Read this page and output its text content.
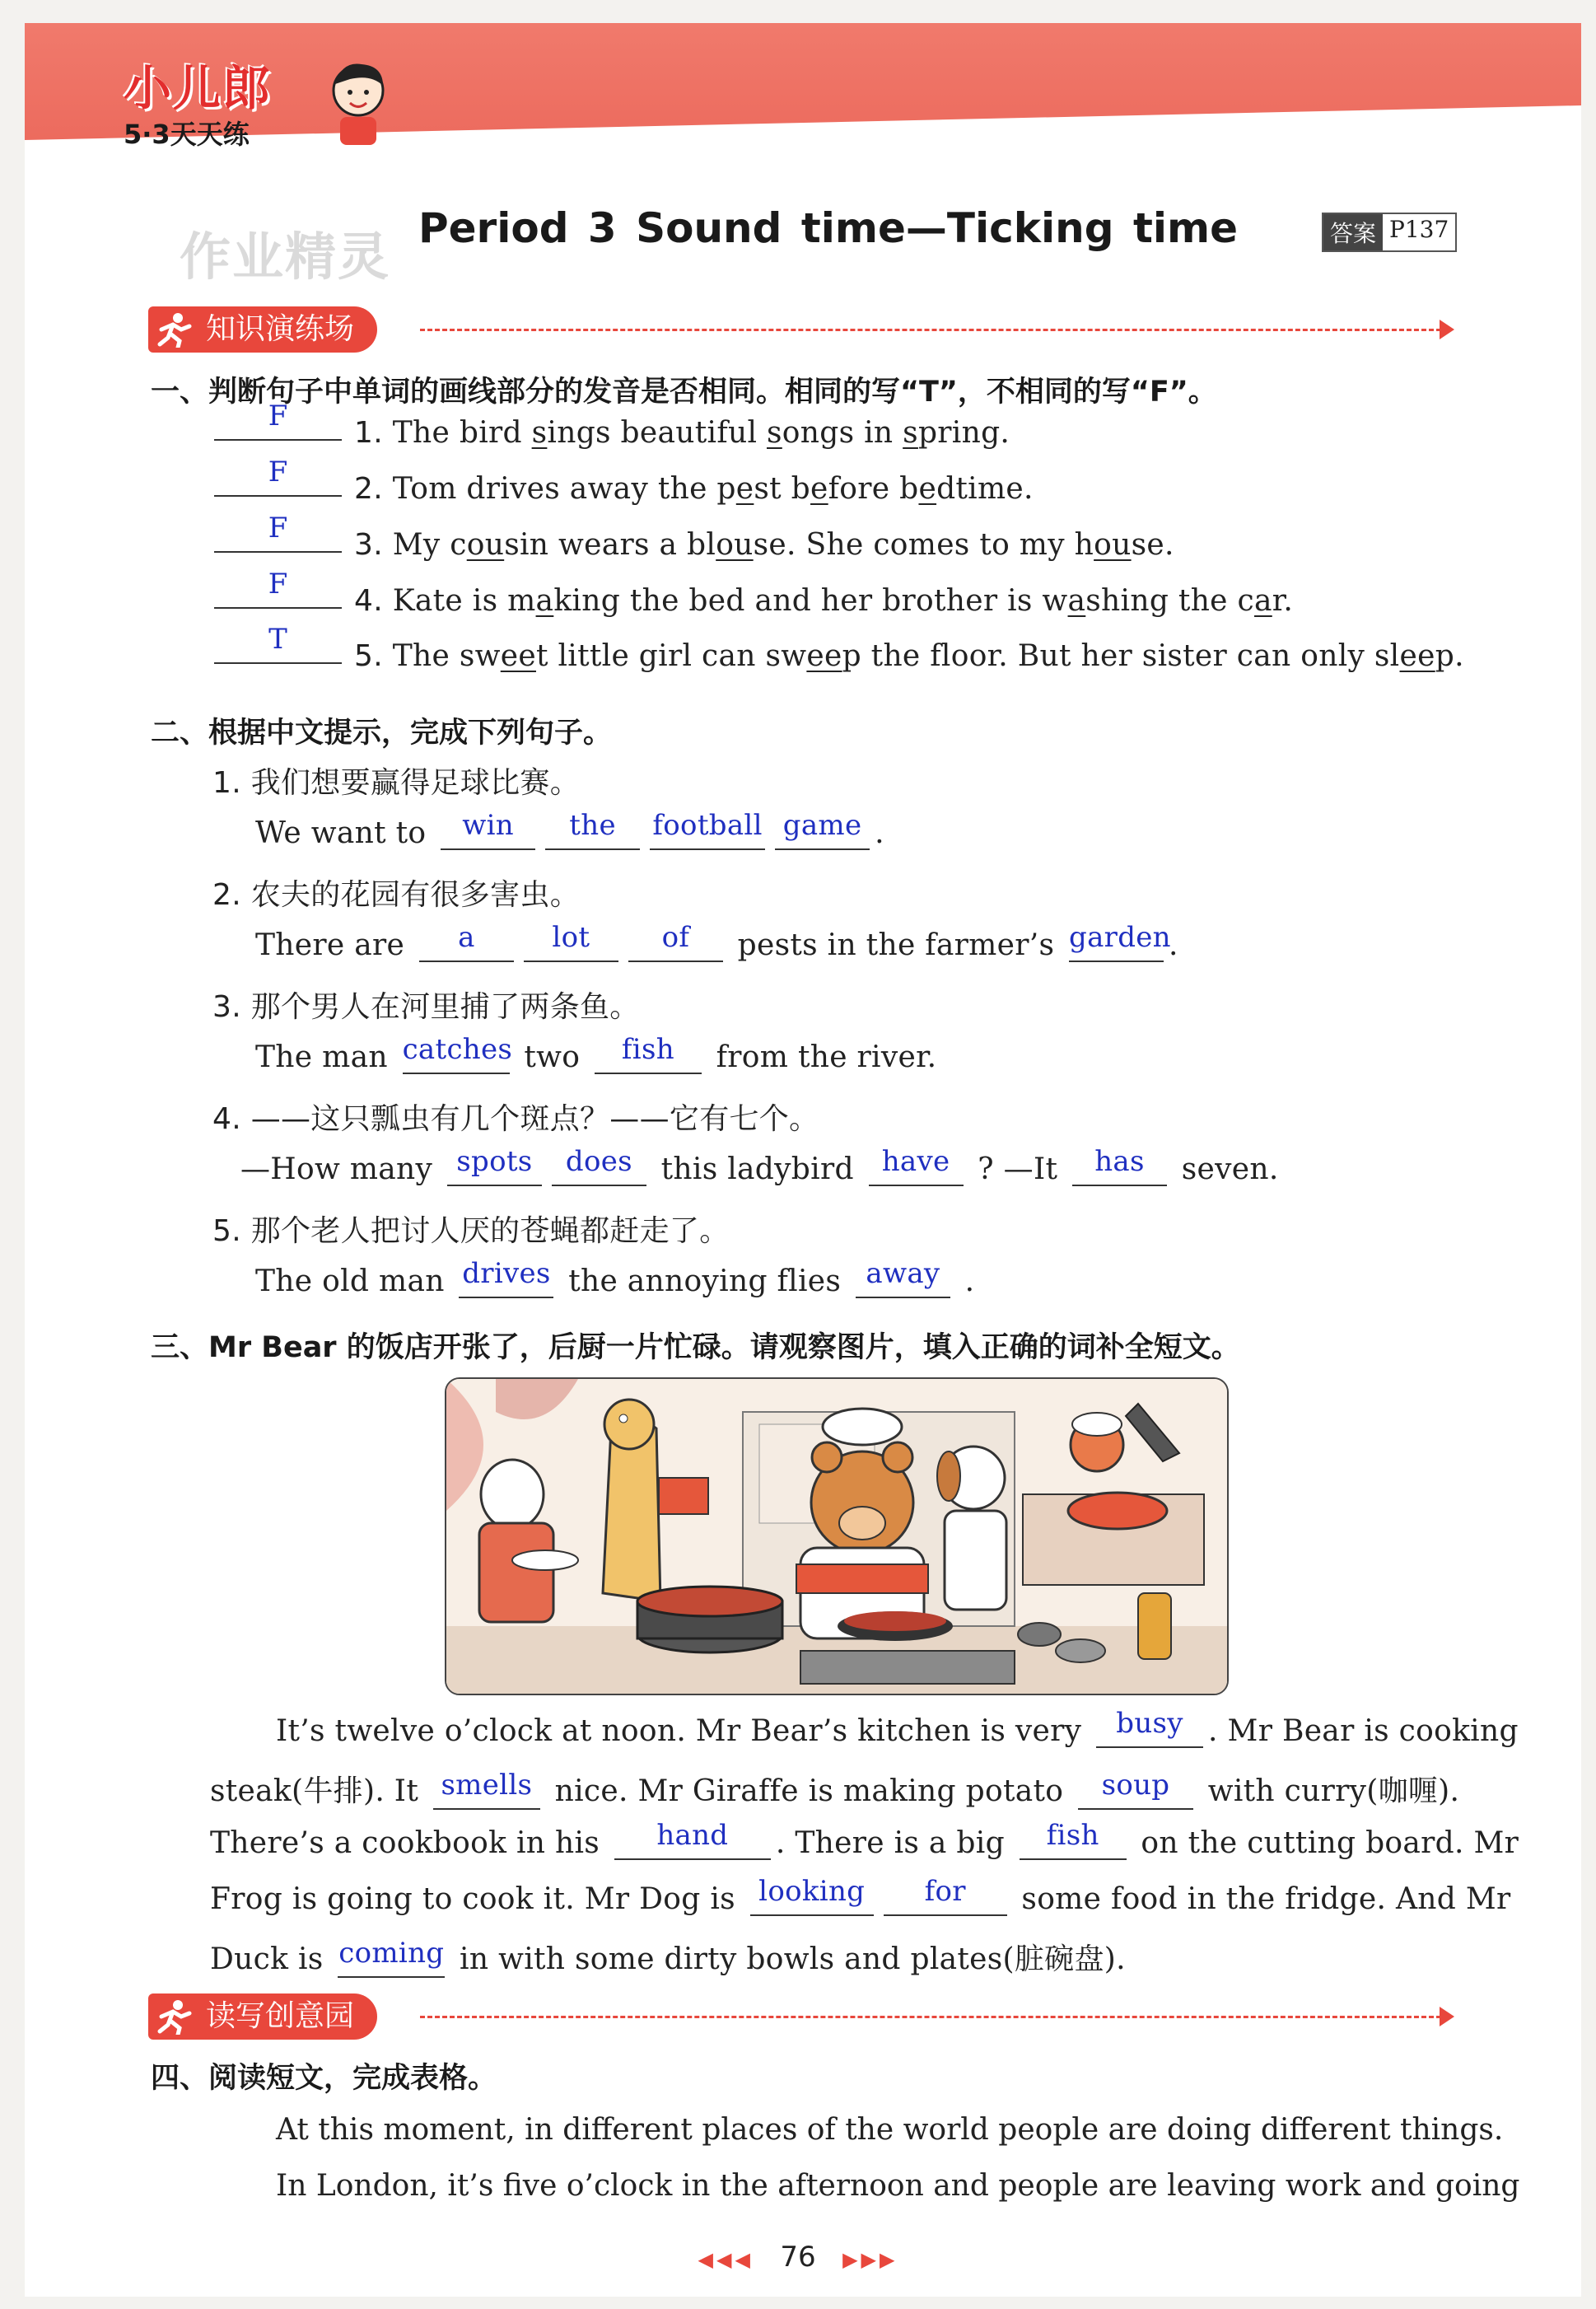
小儿郎
5·3天天练
作业精灵 Period 3 Sound time—Ticking time	答案 P137
知识演练场
一、判断句子中单词的画线部分的发音是否相同。相同的写“T”，不相同的写“F”。
F	1. The bird sings beautiful songs in spring.
F	2. Tom drives away the pest before bedtime.
F	3. My cousin wears a blouse. She comes to my house.
F	4. Kate is making the bed and her brother is washing the car.
T	5. The sweet little girl can sweep the floor. But her sister can only sleep.
二、根据中文提示，完成下列句子。
1. 我们想要赢得足球比赛。
We want to win	the	football game .
2. 农夫的花园有很多害虫。
There are	a	lot	of	pests in the farmer’s garden
.
3. 那个男人在河里捕了两条鱼。
The man catches two	fish	from the river.
4. ——这只瓢虫有几个斑点？——它有七个。
—How many spots	does this ladybird have ? —It has seven.
5. 那个老人把讨人厌的苍蝇都赶走了。
The old man drives the annoying flies away .
三、Mr Bear 的饭店开张了，后厨一片忙碌。请观察图片，填入正确的词补全短文。
It’s twelve o’clock at noon. Mr Bear’s kitchen is very busy . Mr Bear is cooking
steak(牛排). It smells nice. Mr Giraffe is making potato	soup with curry(咖喱).
There’s a cookbook in his	hand	. There is a big	fish	on the cutting board. Mr
Frog is going to cook it. Mr Dog is looking	for	some food in the fridge. And Mr
Duck is coming in with some dirty bowls and plates(脏碗盘).
读写创意园
四、阅读短文，完成表格。
At this moment, in different places of the world people are doing different things.
In London, it’s five o’clock in the afternoon and people are leaving work and going
◀◀◀ 76 ▶▶▶
